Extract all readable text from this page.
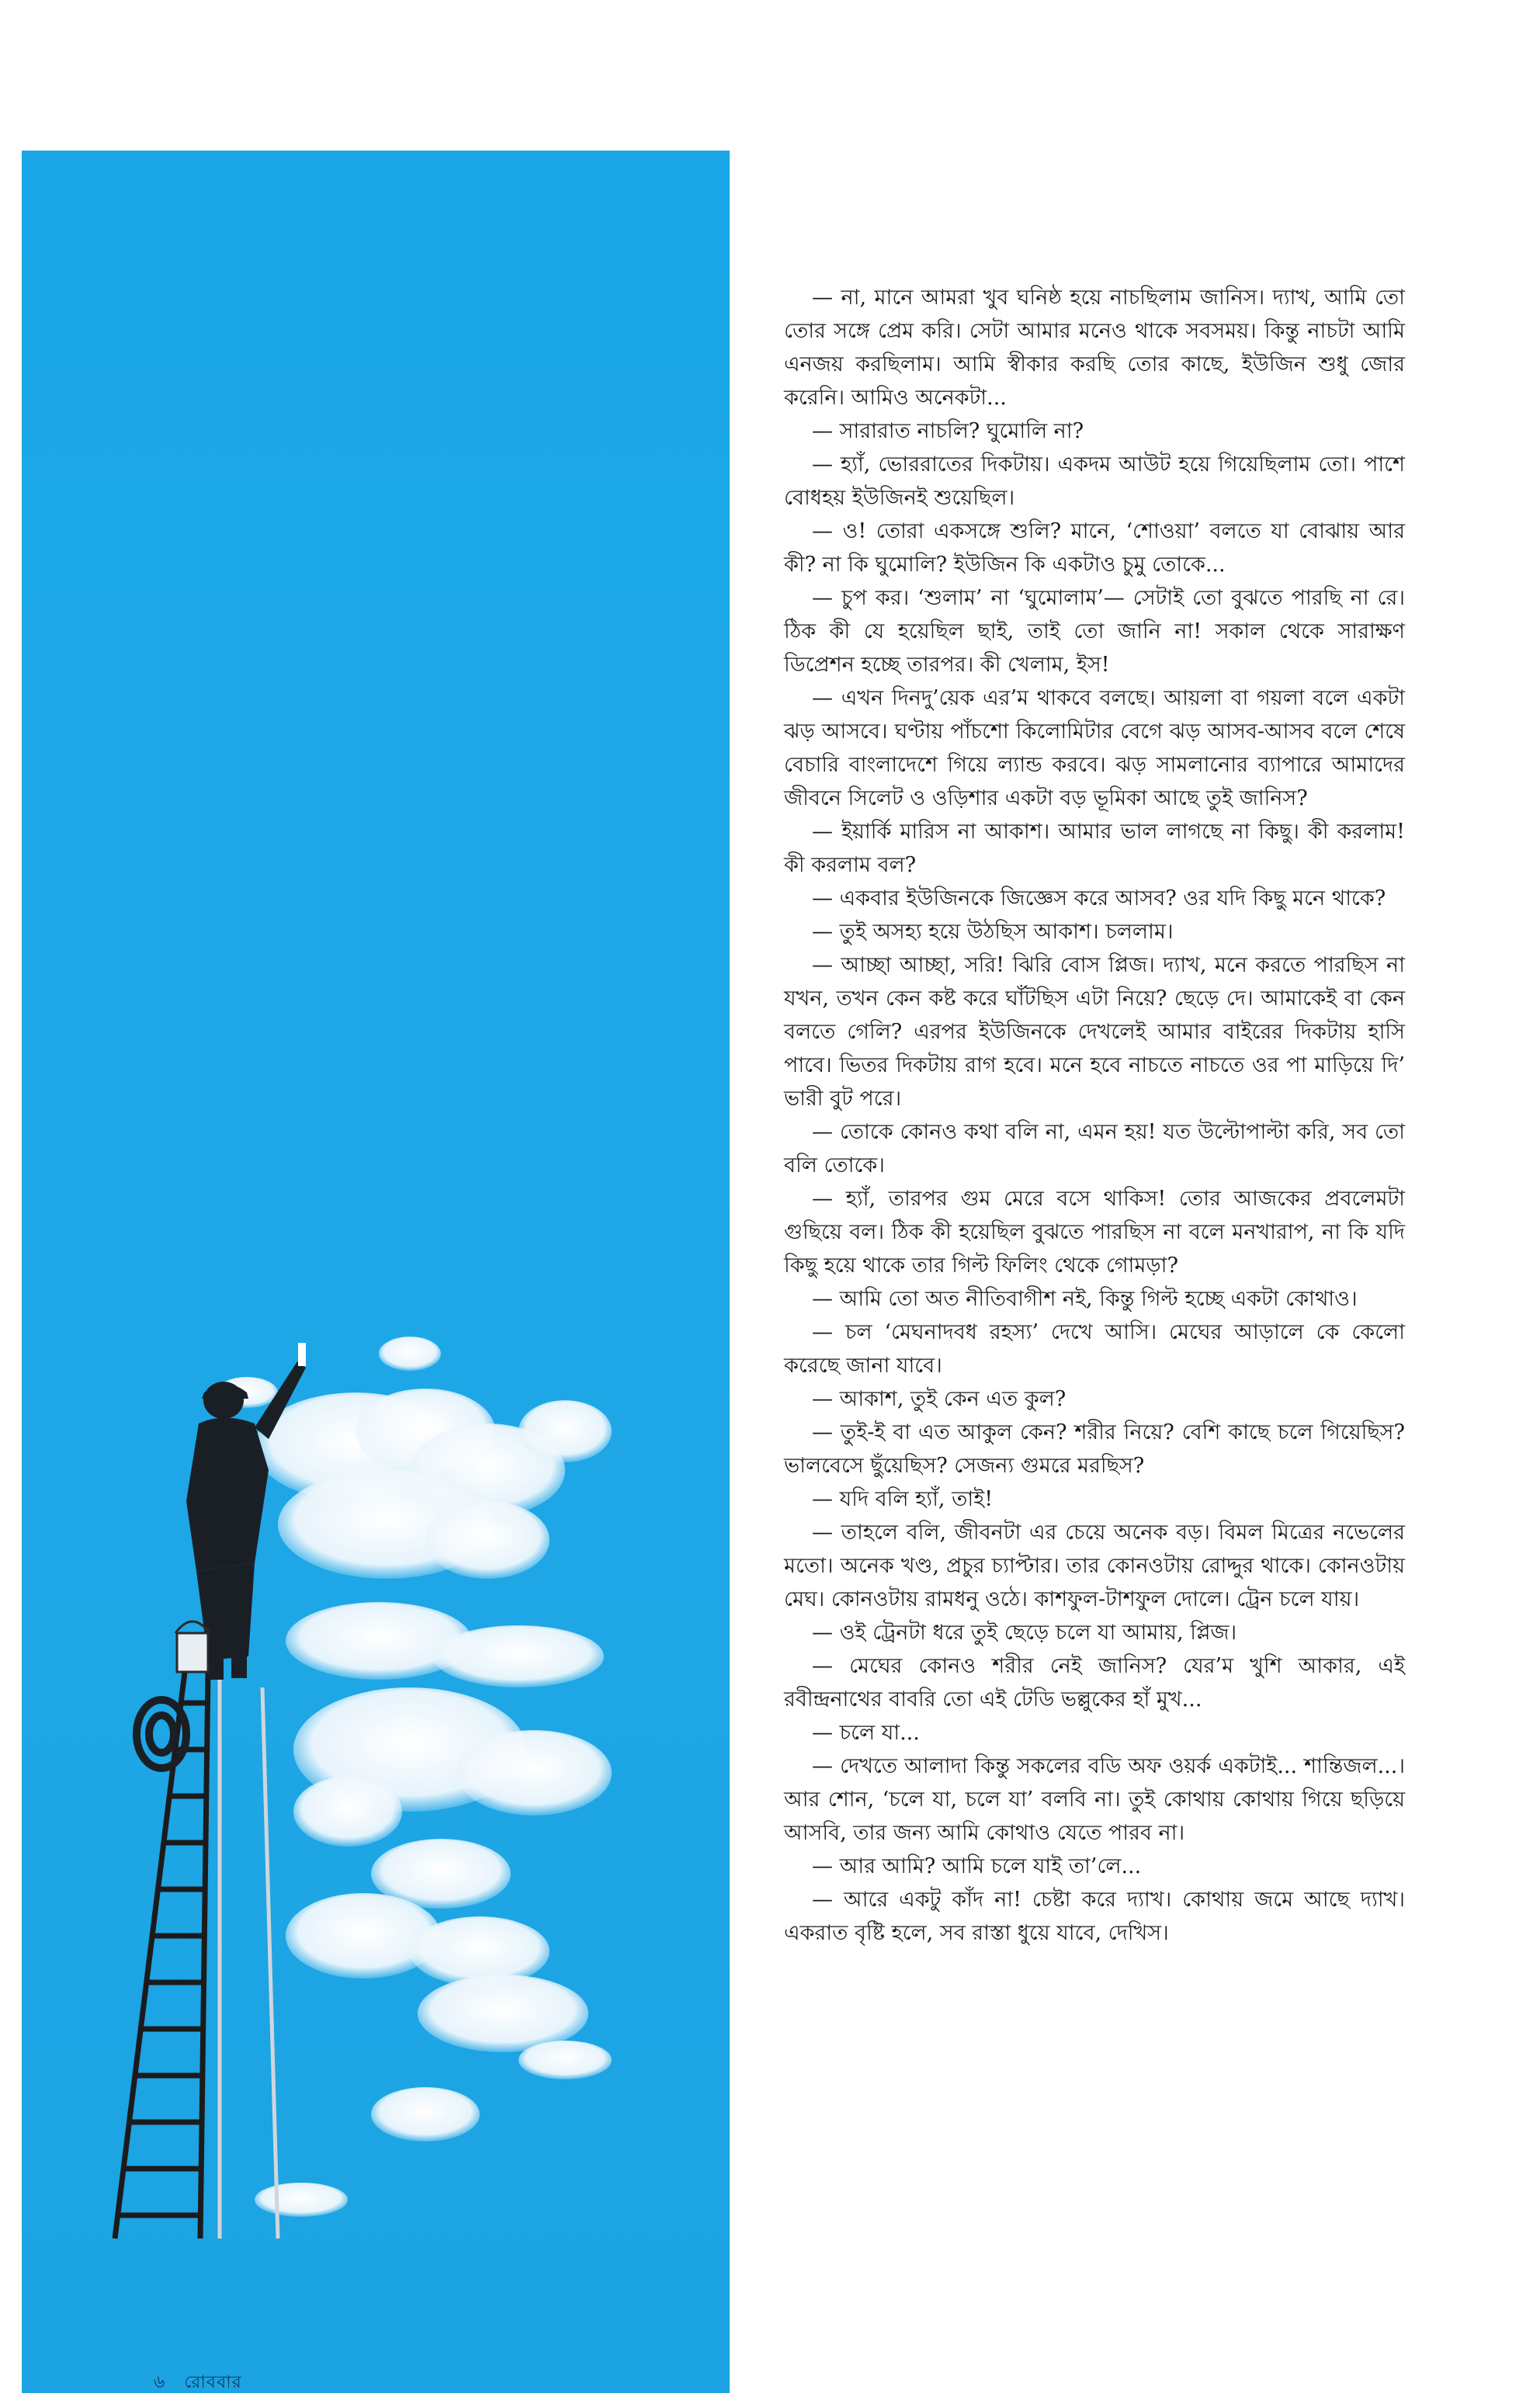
৬ রোববার

— না, মানে আমরা খুব ঘনিষ্ঠ হয়ে নাচছিলাম জানিস। দ্যাখ, আমি তো তোর সঙ্গে প্রেম করি। সেটা আমার মনেও থাকে সবসময়। কিন্তু নাচটা আমি এনজয় করছিলাম। আমি স্বীকার করছি তোর কাছে, ইউজিন শুধু জোর করেনি। আমিও অনেকটা...

— সারারাত নাচলি? ঘুমোলি না?

— হ্যাঁ, ভোররাতের দিকটায়। একদম আউট হয়ে গিয়েছিলাম তো। পাশে বোধহয় ইউজিনই শুয়েছিল।

— ও! তোরা একসঙ্গে শুলি? মানে, ‘শোওয়া’ বলতে যা বোঝায় আর কী? না কি ঘুমোলি? ইউজিন কি একটাও চুমু তোকে...

— চুপ কর। ‘শুলাম’ না ‘ঘুমোলাম’— সেটাই তো বুঝতে পারছি না রে। ঠিক কী যে হয়েছিল ছাই, তাই তো জানি না! সকাল থেকে সারাক্ষণ ডিপ্রেশন হচ্ছে তারপর। কী খেলাম, ইস!

— এখন দিনদু’য়েক এর’ম থাকবে বলছে। আয়লা বা গয়লা বলে একটা ঝড় আসবে। ঘণ্টায় পাঁচশো কিলোমিটার বেগে ঝড় আসব-আসব বলে শেষে বেচারি বাংলাদেশে গিয়ে ল্যান্ড করবে। ঝড় সামলানোর ব্যাপারে আমাদের জীবনে সিলেট ও ওড়িশার একটা বড় ভূমিকা আছে তুই জানিস?

— ইয়ার্কি মারিস না আকাশ। আমার ভাল লাগছে না কিছু। কী করলাম! কী করলাম বল?

— একবার ইউজিনকে জিজ্ঞেস করে আসব? ওর যদি কিছু মনে থাকে?

— তুই অসহ্য হয়ে উঠছিস আকাশ। চললাম।

— আচ্ছা আচ্ছা, সরি! ঝিরি বোস প্লিজ। দ্যাখ, মনে করতে পারছিস না যখন, তখন কেন কষ্ট করে ঘাঁটছিস এটা নিয়ে? ছেড়ে দে। আমাকেই বা কেন বলতে গেলি? এরপর ইউজিনকে দেখলেই আমার বাইরের দিকটায় হাসি পাবে। ভিতর দিকটায় রাগ হবে। মনে হবে নাচতে নাচতে ওর পা মাড়িয়ে দি’ ভারী বুট পরে।

— তোকে কোনও কথা বলি না, এমন হয়! যত উল্টোপাল্টা করি, সব তো বলি তোকে।

— হ্যাঁ, তারপর গুম মেরে বসে থাকিস! তোর আজকের প্রবলেমটা গুছিয়ে বল। ঠিক কী হয়েছিল বুঝতে পারছিস না বলে মনখারাপ, না কি যদি কিছু হয়ে থাকে তার গিল্ট ফিলিং থেকে গোমড়া?

— আমি তো অত নীতিবাগীশ নই, কিন্তু গিল্ট হচ্ছে একটা কোথাও।

— চল ‘মেঘনাদবধ রহস্য’ দেখে আসি। মেঘের আড়ালে কে কেলো করেছে জানা যাবে।

— আকাশ, তুই কেন এত কুল?

— তুই-ই বা এত আকুল কেন? শরীর নিয়ে? বেশি কাছে চলে গিয়েছিস? ভালবেসে ছুঁয়েছিস? সেজন্য গুমরে মরছিস?

— যদি বলি হ্যাঁ, তাই!

— তাহলে বলি, জীবনটা এর চেয়ে অনেক বড়। বিমল মিত্রের নভেলের মতো। অনেক খণ্ড, প্রচুর চ্যাপ্টার। তার কোনওটায় রোদ্দুর থাকে। কোনওটায় মেঘ। কোনওটায় রামধনু ওঠে। কাশফুল-টাশফুল দোলে। ট্রেন চলে যায়।

— ওই ট্রেনটা ধরে তুই ছেড়ে চলে যা আমায়, প্লিজ।

— মেঘের কোনও শরীর নেই জানিস? যের’ম খুশি আকার, এই রবীন্দ্রনাথের বাবরি তো এই টেডি ভল্লুকের হাঁ মুখ...

— চলে যা...

— দেখতে আলাদা কিন্তু সকলের বডি অফ ওয়র্ক একটাই... শান্তিজল...। আর শোন, ‘চলে যা, চলে যা’ বলবি না। তুই কোথায় কোথায় গিয়ে ছড়িয়ে আসবি, তার জন্য আমি কোথাও যেতে পারব না।

— আর আমি? আমি চলে যাই তা’লে...

— আরে একটু কাঁদ না! চেষ্টা করে দ্যাখ। কোথায় জমে আছে দ্যাখ। একরাত বৃষ্টি হলে, সব রাস্তা ধুয়ে যাবে, দেখিস।
